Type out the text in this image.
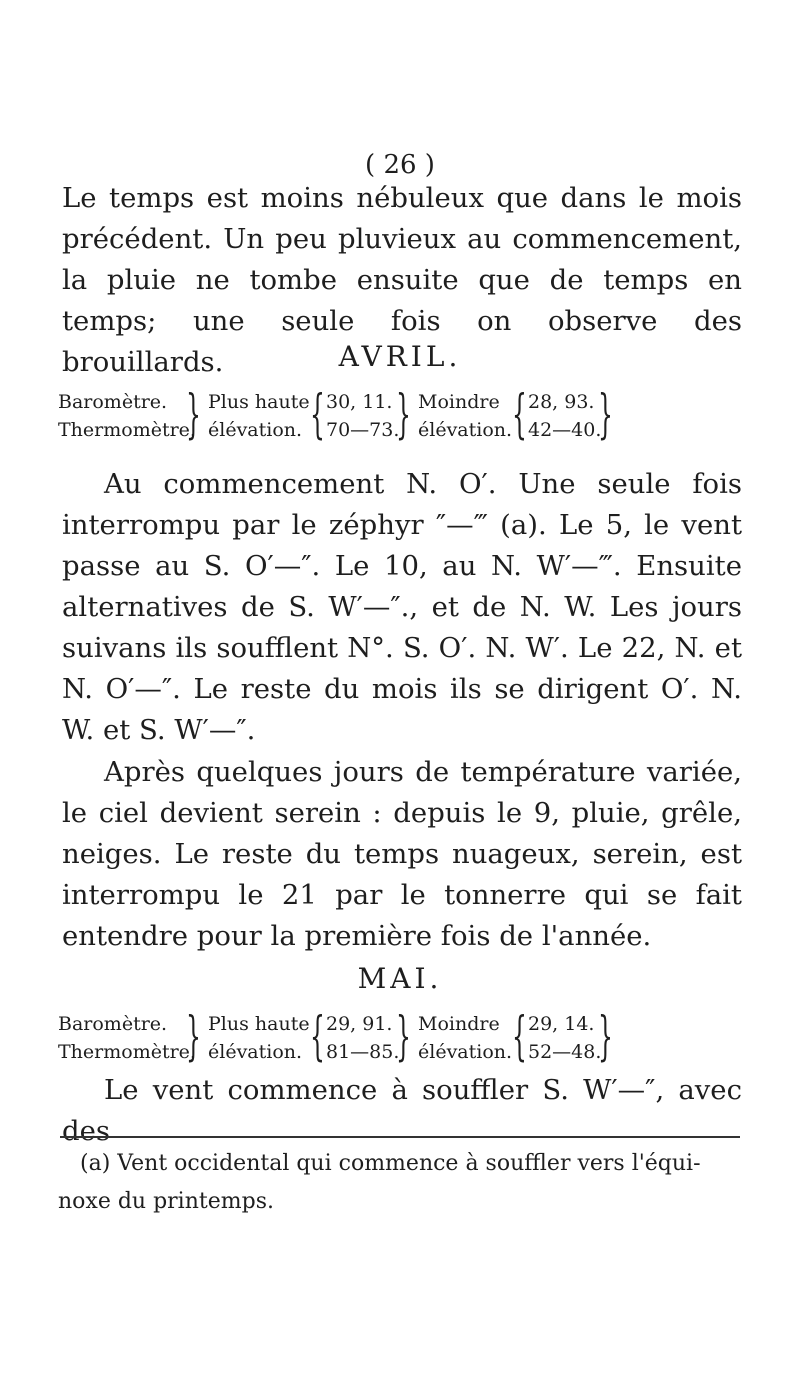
( 26 )

Le temps est moins nébuleux que dans le mois précédent. Un peu pluvieux au commencement, la pluie ne tombe ensuite que de temps en temps; une seule fois on observe des brouillards.	AVRIL.
Baromètre.
Thermomètre.
} Plus haute
élévation. { 30, 11.
70—73.
} Moindre
élévation. { 28, 93.
42—40.
}

Au commencement N. O′. Une seule fois interrompu par le zéphyr ″—‴ (a). Le 5, le vent passe au S. O′—″. Le 10, au N. W′—‴. Ensuite alternatives de S. W′—″., et de N. W. Les jours suivans ils soufflent N°. S. O′. N. W′. Le 22, N. et N. O′—″. Le reste du mois ils se dirigent O′. N. W. et S. W′—″.

Après quelques jours de température variée, le ciel devient serein : depuis le 9, pluie, grêle, neiges. Le reste du temps nuageux, serein, est interrompu le 21 par le tonnerre qui se fait entendre pour la première fois de l'année.

MAI.
Baromètre.
Thermomètre.
} Plus haute
élévation. { 29, 91.
81—85.
} Moindre
élévation. { 29, 14.
52—48.
}

Le vent commence à souffler S. W′—″, avec des

(a) Vent occidental qui commence à souffler vers l'équi-
noxe du printemps.
